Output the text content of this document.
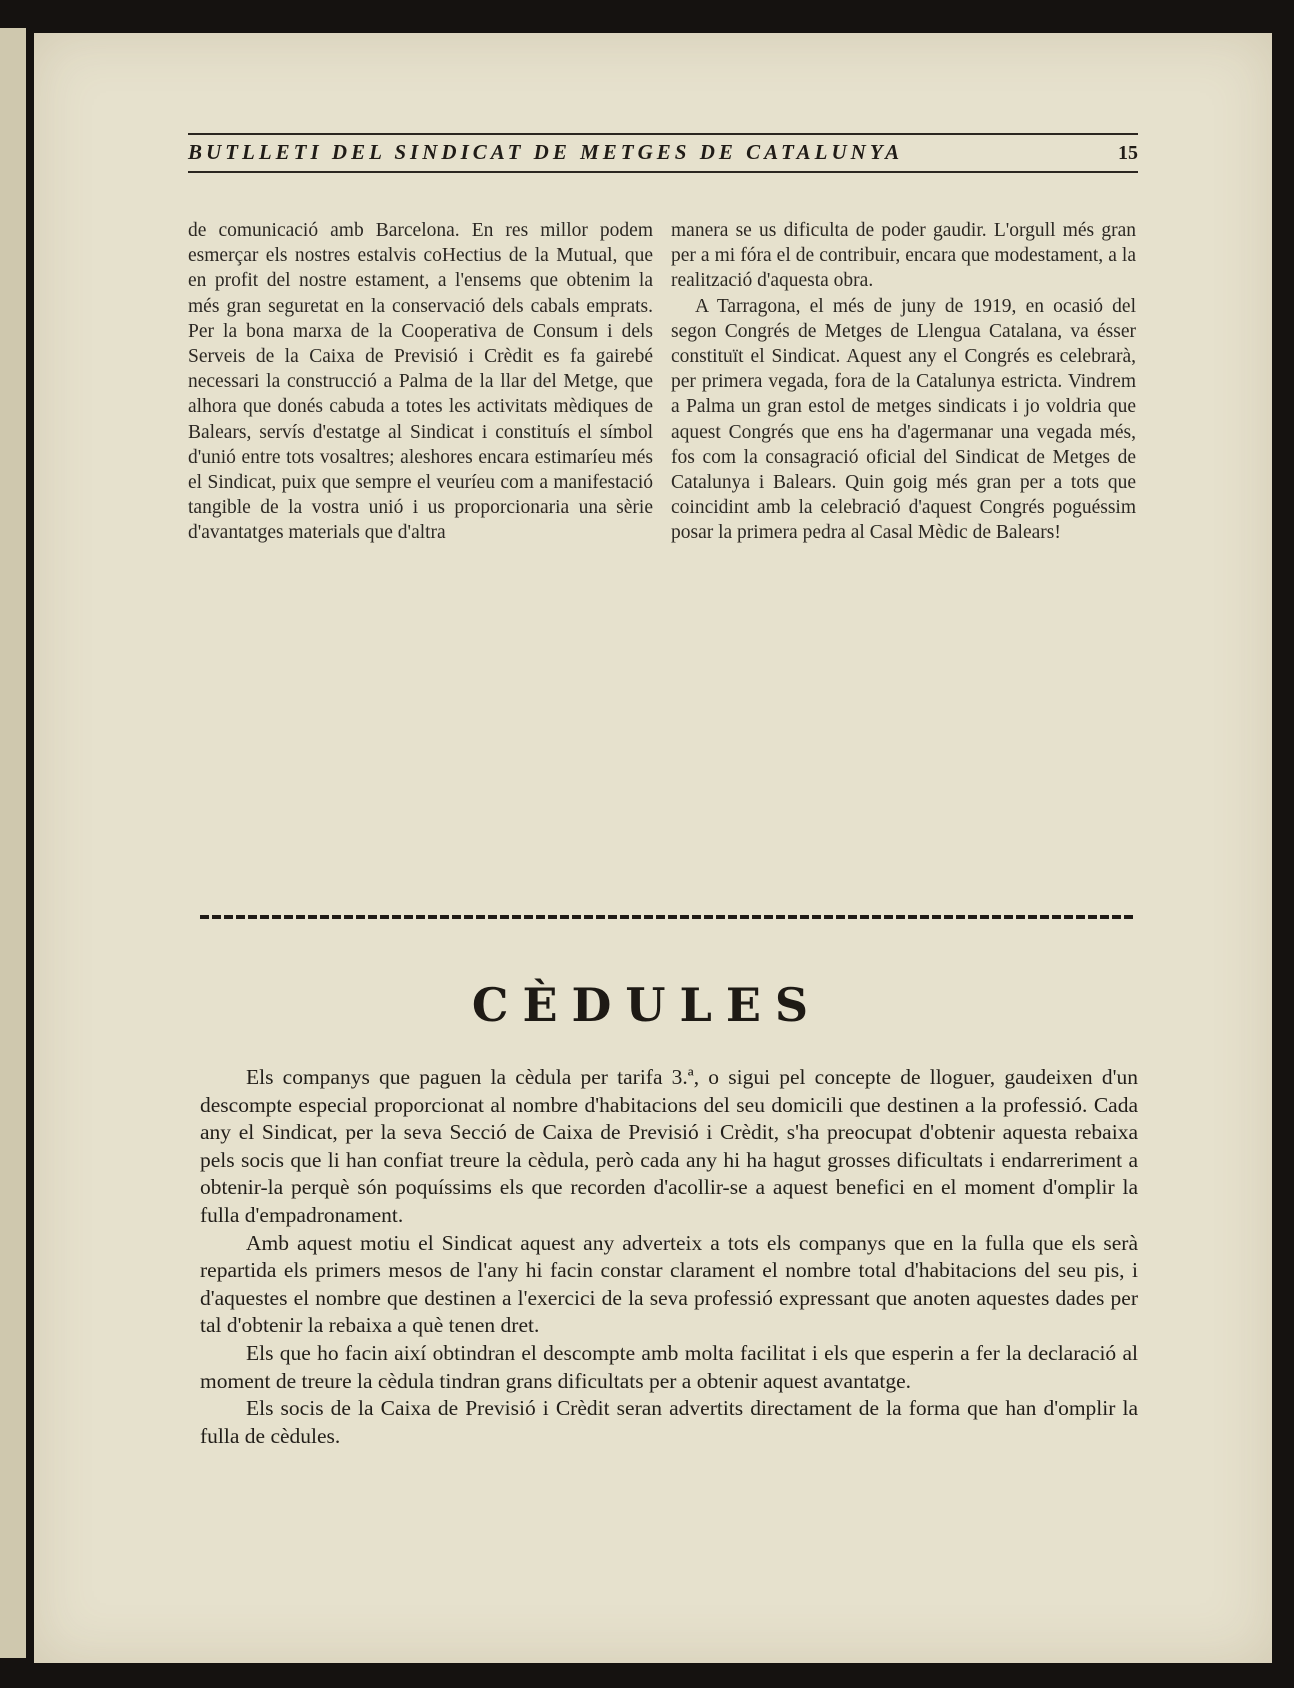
BUTLLETI DEL SINDICAT DE METGES DE CATALUNYA	15

de comunicació amb Barcelona. En res millor podem esmerçar els nostres estalvis coHectius de la Mutual, que en profit del nostre estament, a l'ensems que obtenim la més gran seguretat en la conservació dels cabals emprats. Per la bona marxa de la Cooperativa de Consum i dels Serveis de la Caixa de Previsió i Crèdit es fa gairebé necessari la construcció a Palma de la llar del Metge, que alhora que donés cabuda a totes les activitats mèdiques de Balears, servís d'estatge al Sindicat i constituís el símbol d'unió entre tots vosaltres; aleshores encara estimaríeu més el Sindicat, puix que sempre el veuríeu com a manifestació tangible de la vostra unió i us proporcionaria una sèrie d'avantatges materials que d'altra

manera se us dificulta de poder gaudir. L'orgull més gran per a mi fóra el de contribuir, encara que modestament, a la realització d'aquesta obra.

A Tarragona, el més de juny de 1919, en ocasió del segon Congrés de Metges de Llengua Catalana, va ésser constituït el Sindicat. Aquest any el Congrés es celebrarà, per primera vegada, fora de la Catalunya estricta. Vindrem a Palma un gran estol de metges sindicats i jo voldria que aquest Congrés que ens ha d'agermanar una vegada més, fos com la consagració oficial del Sindicat de Metges de Catalunya i Balears. Quin goig més gran per a tots que coincidint amb la celebració d'aquest Congrés poguéssim posar la primera pedra al Casal Mèdic de Balears!

CÈDULES

Els companys que paguen la cèdula per tarifa 3.ª, o sigui pel concepte de lloguer, gaudeixen d'un descompte especial proporcionat al nombre d'habitacions del seu domicili que destinen a la professió. Cada any el Sindicat, per la seva Secció de Caixa de Previsió i Crèdit, s'ha preocupat d'obtenir aquesta rebaixa pels socis que li han confiat treure la cèdula, però cada any hi ha hagut grosses dificultats i endarreriment a obtenir-la perquè són poquíssims els que recorden d'acollir-se a aquest benefici en el moment d'omplir la fulla d'empadronament.

Amb aquest motiu el Sindicat aquest any adverteix a tots els companys que en la fulla que els serà repartida els primers mesos de l'any hi facin constar clarament el nombre total d'habitacions del seu pis, i d'aquestes el nombre que destinen a l'exercici de la seva professió expressant que anoten aquestes dades per tal d'obtenir la rebaixa a què tenen dret.

Els que ho facin així obtindran el descompte amb molta facilitat i els que esperin a fer la declaració al moment de treure la cèdula tindran grans dificultats per a obtenir aquest avantatge.

Els socis de la Caixa de Previsió i Crèdit seran advertits directament de la forma que han d'omplir la fulla de cèdules.
